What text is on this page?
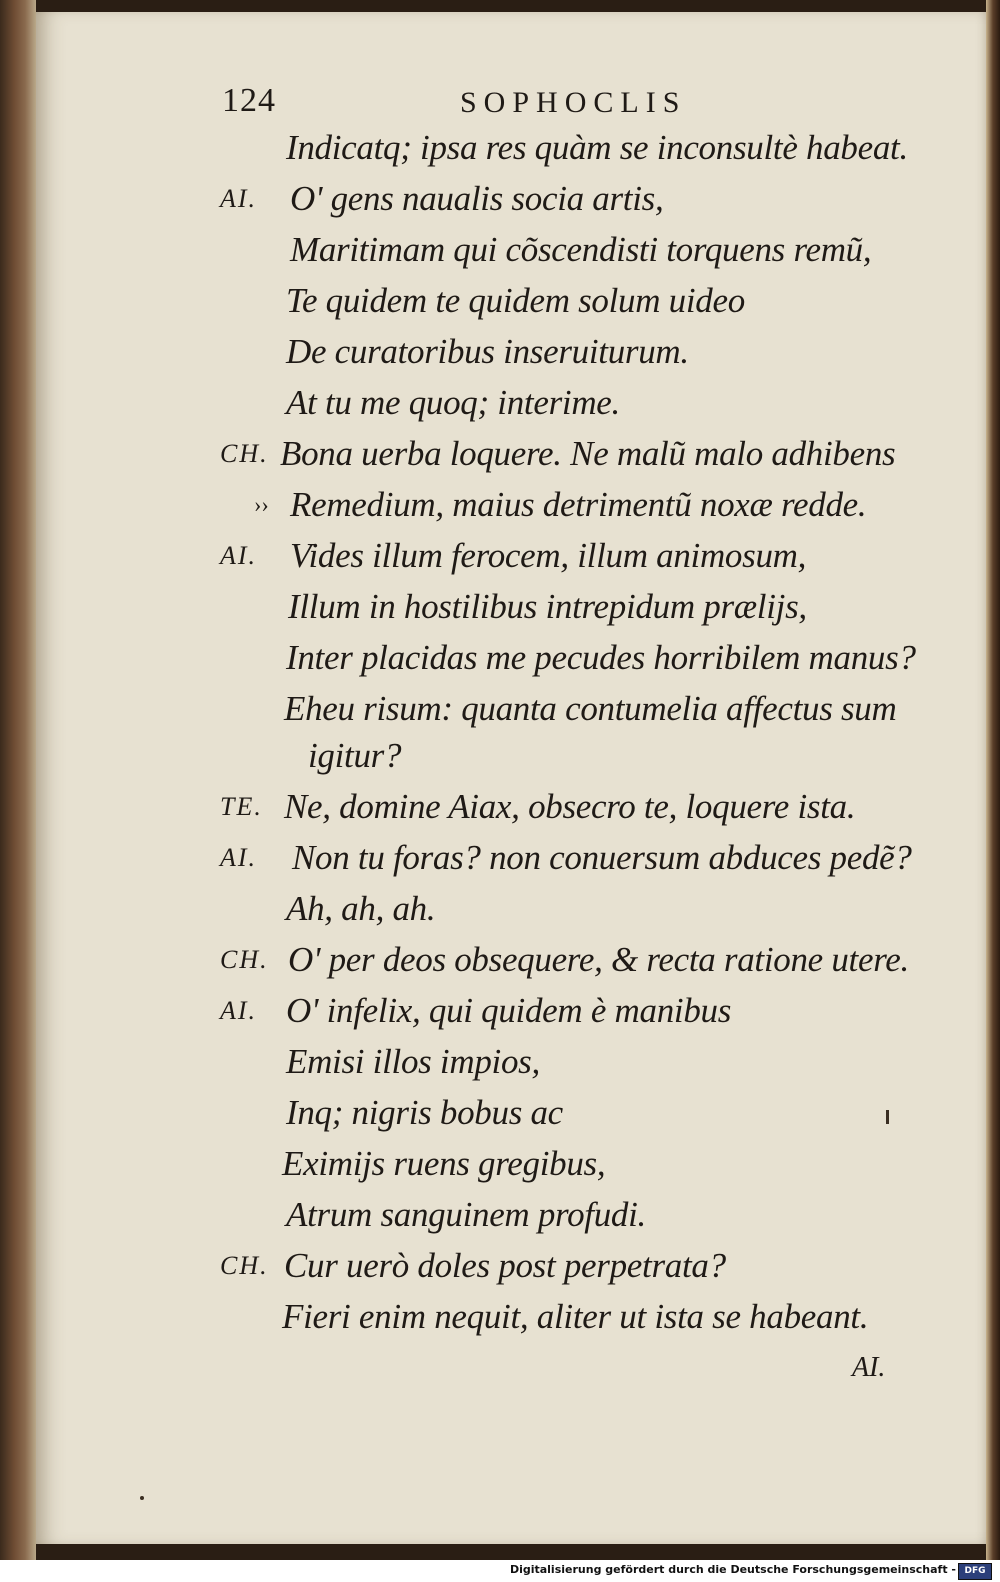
124	SOPHOCLIS
Indicatq; ipsa res quàm se inconsultè habeat.
AI. O' gens naualis socia artis,
Maritimam qui cõscendisti torquens remũ,
Te quidem te quidem solum uideo
De curatoribus inseruiturum.
At tu me quoq; interime.
CH. Bona uerba loquere. Ne malũ malo adhibens
›› Remedium, maius detrimentũ noxæ redde.
AI. Vides illum ferocem, illum animosum,
Illum in hostilibus intrepidum prælijs,
Inter placidas me pecudes horribilem manus?
Eheu risum: quanta contumelia affectus sum
igitur?
TE. Ne, domine Aiax, obsecro te, loquere ista.
AI. Non tu foras? non conuersum abduces pedẽ?
Ah, ah, ah.
CH. O' per deos obsequere, & recta ratione utere.
AI. O' infelix, qui quidem è manibus
Emisi illos impios,
Inq; nigris bobus ac
Eximijs ruens gregibus,
Atrum sanguinem profudi.
CH. Cur uerò doles post perpetrata?
Fieri enim nequit, aliter ut ista se habeant.
AI.
Digitalisierung gefördert durch die Deutsche Forschungsgemeinschaft - DFG
